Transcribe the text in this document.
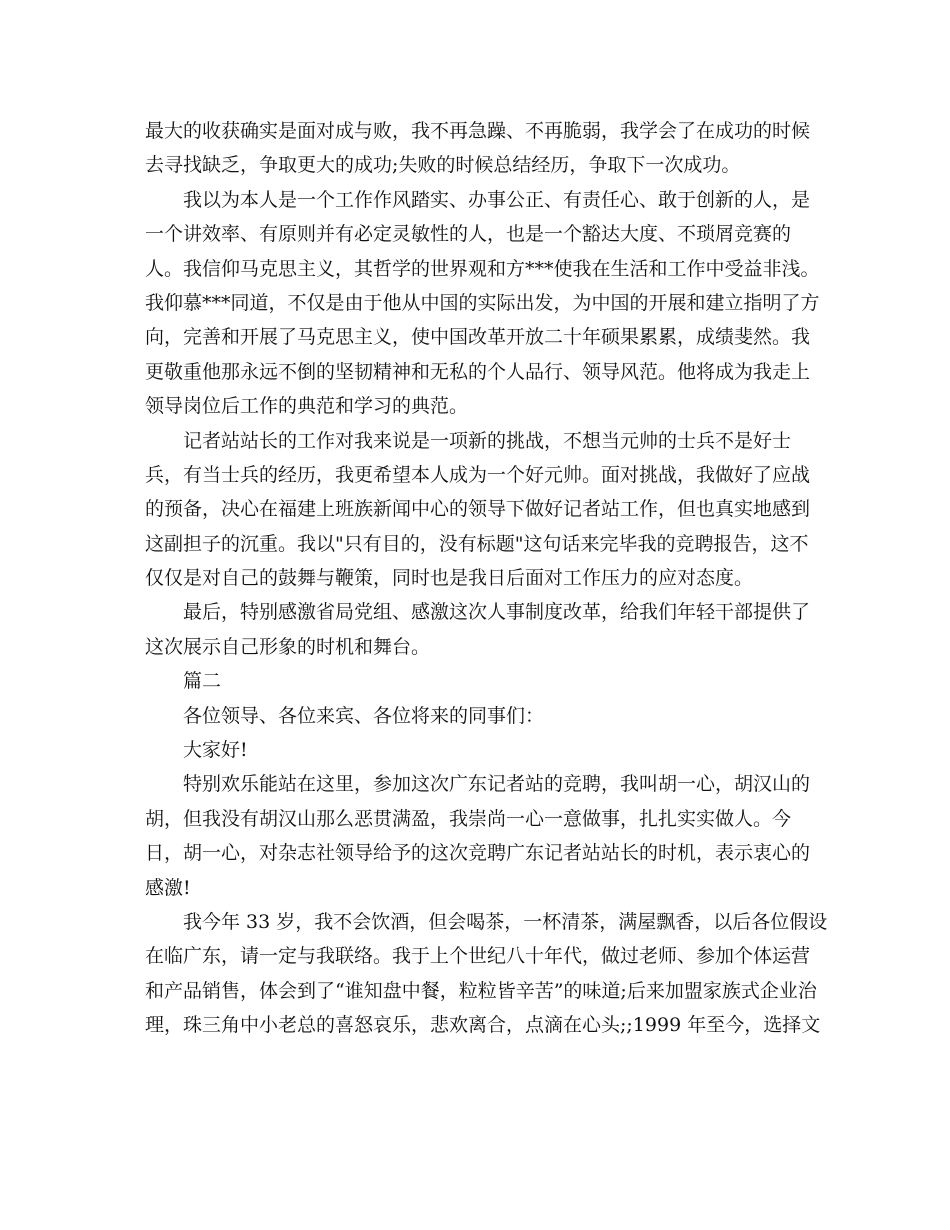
最大的收获确实是面对成与败，我不再急躁、不再脆弱，我学会了在成功的时候
去寻找缺乏，争取更大的成功;失败的时候总结经历，争取下一次成功。
我以为本人是一个工作作风踏实、办事公正、有责任心、敢于创新的人，是
一个讲效率、有原则并有必定灵敏性的人，也是一个豁达大度、不琐屑竞赛的
人。我信仰马克思主义，其哲学的世界观和方***使我在生活和工作中受益非浅。
我仰慕***同道，不仅是由于他从中国的实际出发，为中国的开展和建立指明了方
向，完善和开展了马克思主义，使中国改革开放二十年硕果累累，成绩斐然。我
更敬重他那永远不倒的坚韧精神和无私的个人品行、领导风范。他将成为我走上
领导岗位后工作的典范和学习的典范。
记者站站长的工作对我来说是一项新的挑战，不想当元帅的士兵不是好士
兵，有当士兵的经历，我更希望本人成为一个好元帅。面对挑战，我做好了应战
的预备，决心在福建上班族新闻中心的领导下做好记者站工作，但也真实地感到
这副担子的沉重。我以"只有目的，没有标题"这句话来完毕我的竞聘报告，这不
仅仅是对自己的鼓舞与鞭策，同时也是我日后面对工作压力的应对态度。
最后，特别感激省局党组、感激这次人事制度改革，给我们年轻干部提供了
这次展示自己形象的时机和舞台。
篇二
各位领导、各位来宾、各位将来的同事们：
大家好!
特别欢乐能站在这里，参加这次广东记者站的竞聘，我叫胡一心，胡汉山的
胡，但我没有胡汉山那么恶贯满盈，我崇尚一心一意做事，扎扎实实做人。今
日，胡一心，对杂志社领导给予的这次竞聘广东记者站站长的时机，表示衷心的
感激!
我今年 33 岁，我不会饮酒，但会喝茶，一杯清茶，满屋飘香，以后各位假设
在临广东，请一定与我联络。我于上个世纪八十年代，做过老师、参加个体运营
和产品销售，体会到了“谁知盘中餐，粒粒皆辛苦”的味道;后来加盟家族式企业治
理，珠三角中小老总的喜怒哀乐，悲欢离合，点滴在心头;;1999 年至今，选择文
